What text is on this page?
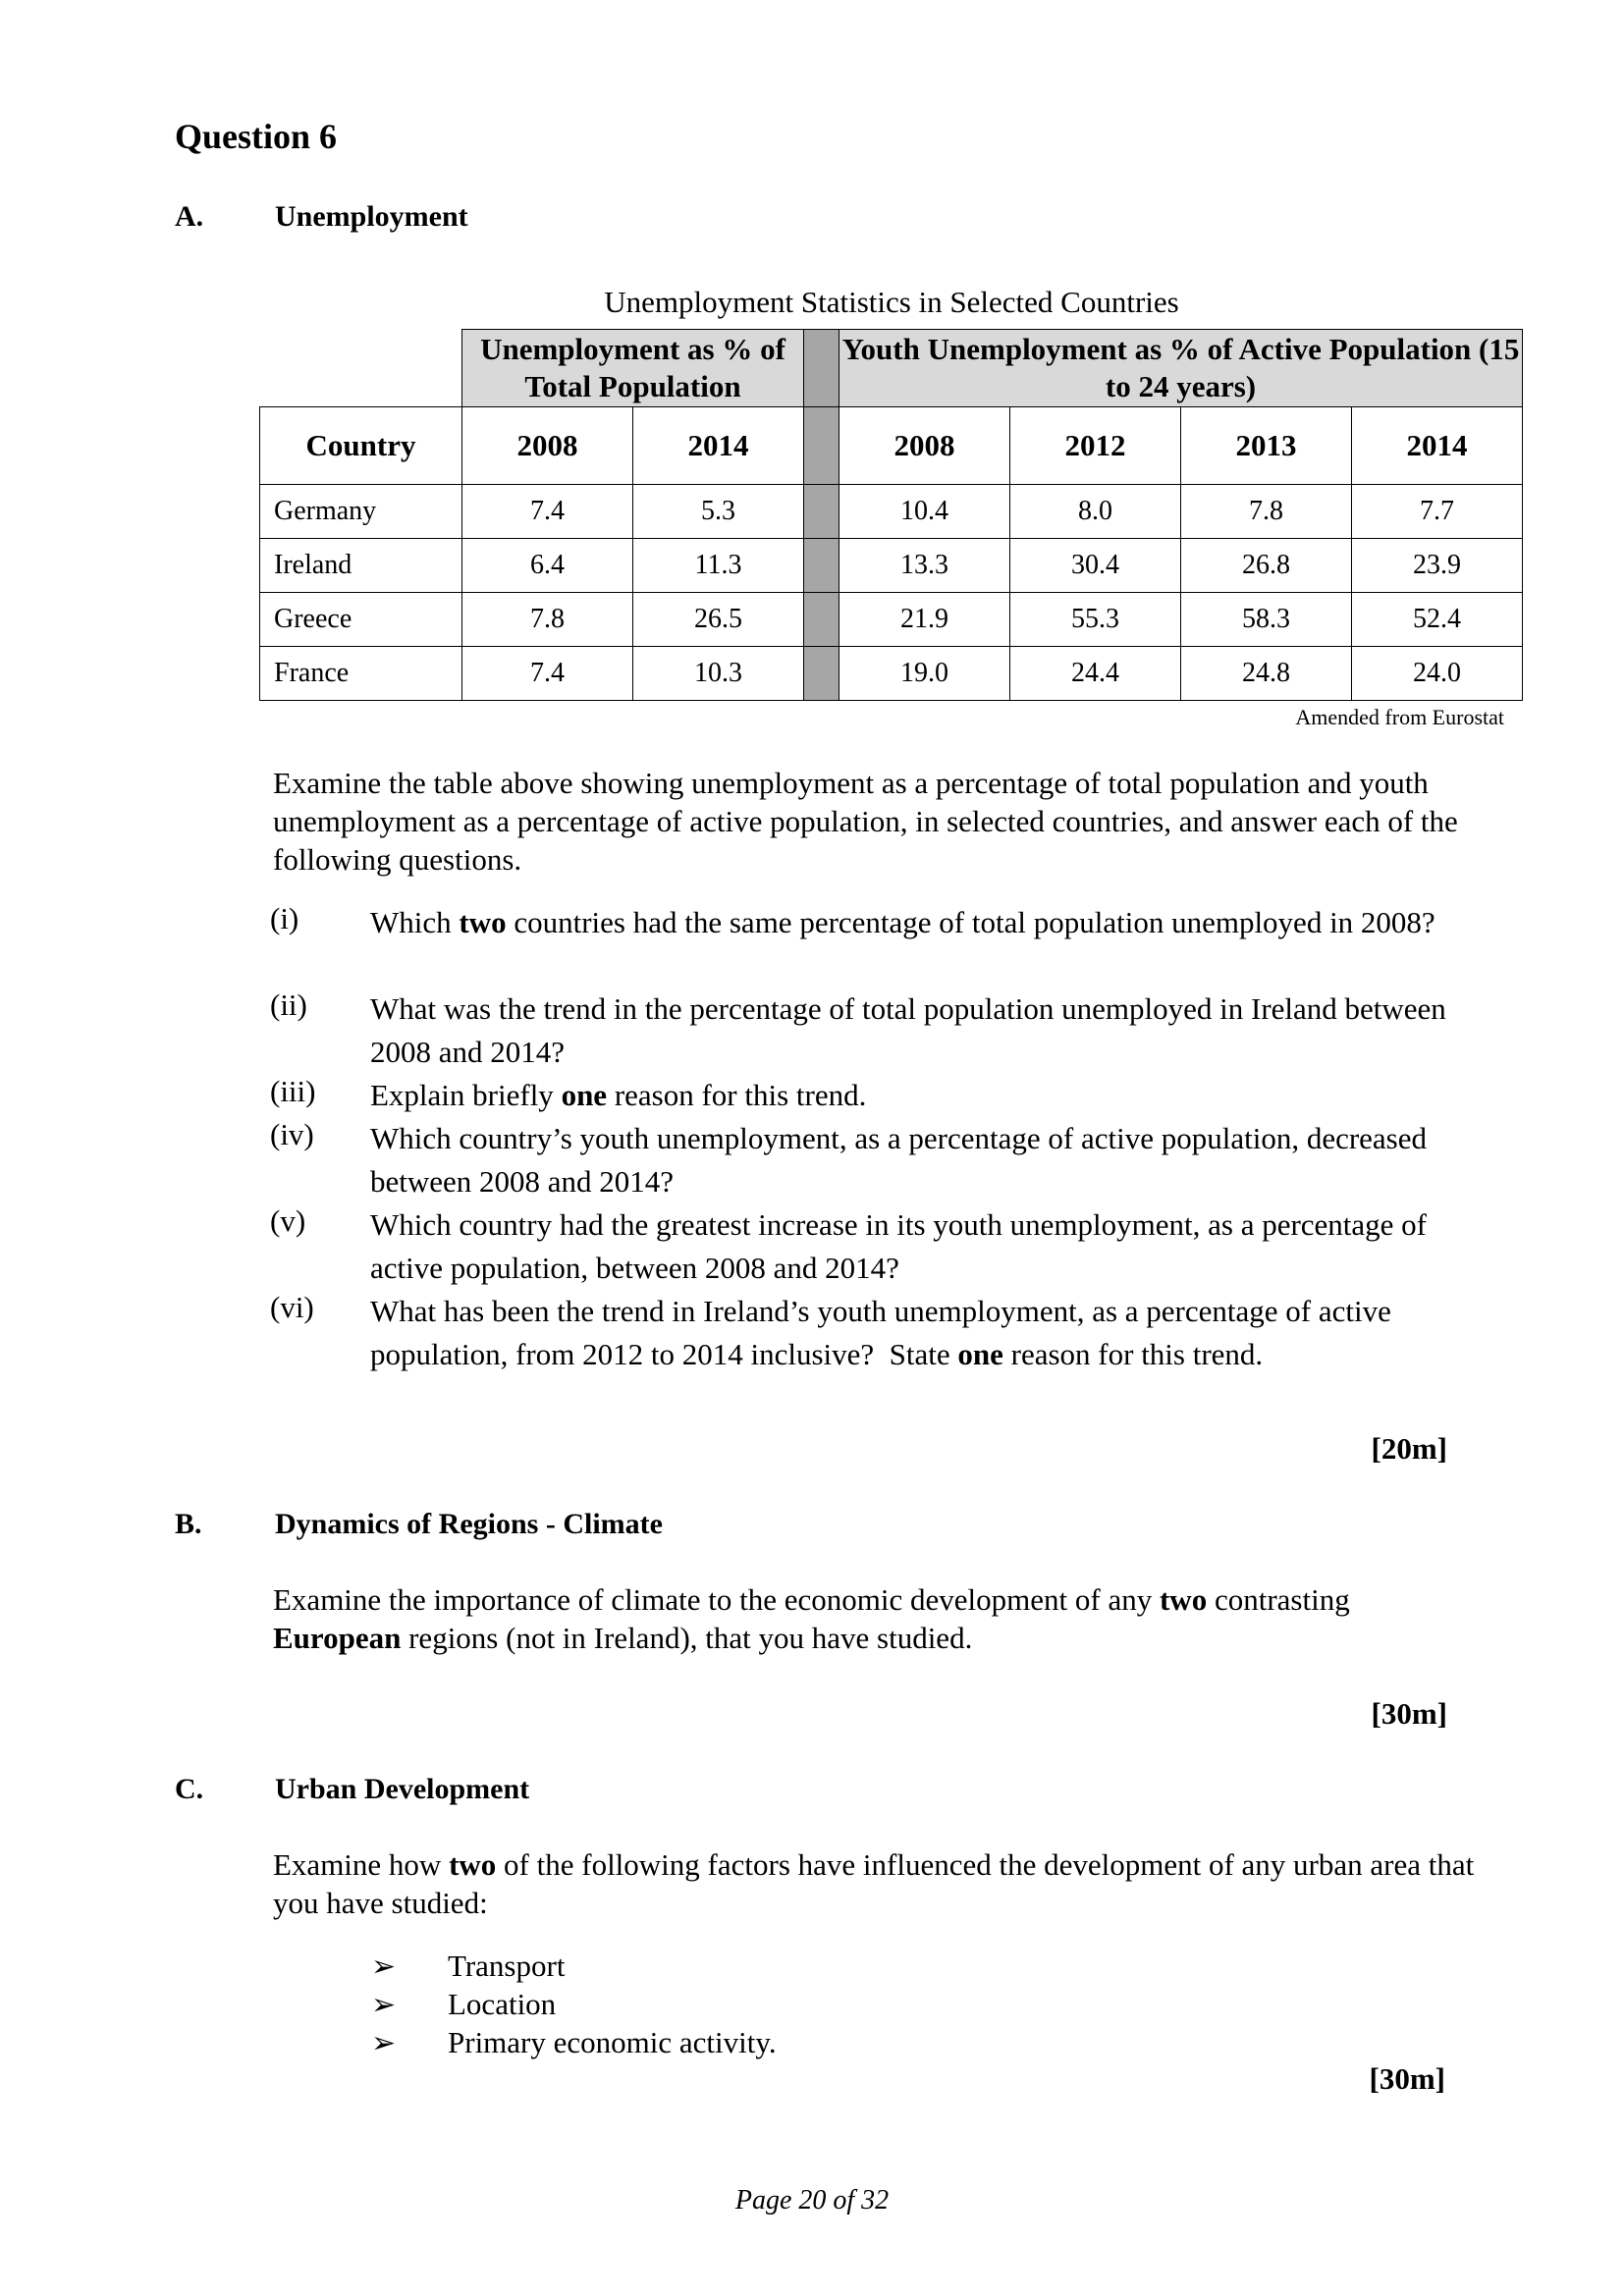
Question 6
A. Unemployment
Unemployment Statistics in Selected Countries
	Unemployment as % of Total Population			Youth Unemployment as % of Active Population (15 to 24 years)			
Country	2008	2014		2008	2012	2013	2014
Germany	7.4	5.3		10.4	8.0	7.8	7.7
Ireland	6.4	11.3		13.3	30.4	26.8	23.9
Greece	7.8	26.5		21.9	55.3	58.3	52.4
France	7.4	10.3		19.0	24.4	24.8	24.0
Amended from Eurostat
Examine the table above showing unemployment as a percentage of total population and youth unemployment as a percentage of active population, in selected countries, and answer each of the following questions.
(i)	Which two countries had the same percentage of total population unemployed in 2008?
(ii)	What was the trend in the percentage of total population unemployed in Ireland between 2008 and 2014?
(iii)	Explain briefly one reason for this trend.
(iv)	Which country’s youth unemployment, as a percentage of active population, decreased between 2008 and 2014?
(v)	Which country had the greatest increase in its youth unemployment, as a percentage of active population, between 2008 and 2014?
(vi)	What has been the trend in Ireland’s youth unemployment, as a percentage of active population, from 2012 to 2014 inclusive?  State one reason for this trend.
[20m]
B. Dynamics of Regions - Climate
Examine the importance of climate to the economic development of any two contrasting European regions (not in Ireland), that you have studied.
[30m]
C. Urban Development
Examine how two of the following factors have influenced the development of any urban area that you have studied:
➢ Transport
➢ Location
➢ Primary economic activity.
[30m]
Page 20 of 32
